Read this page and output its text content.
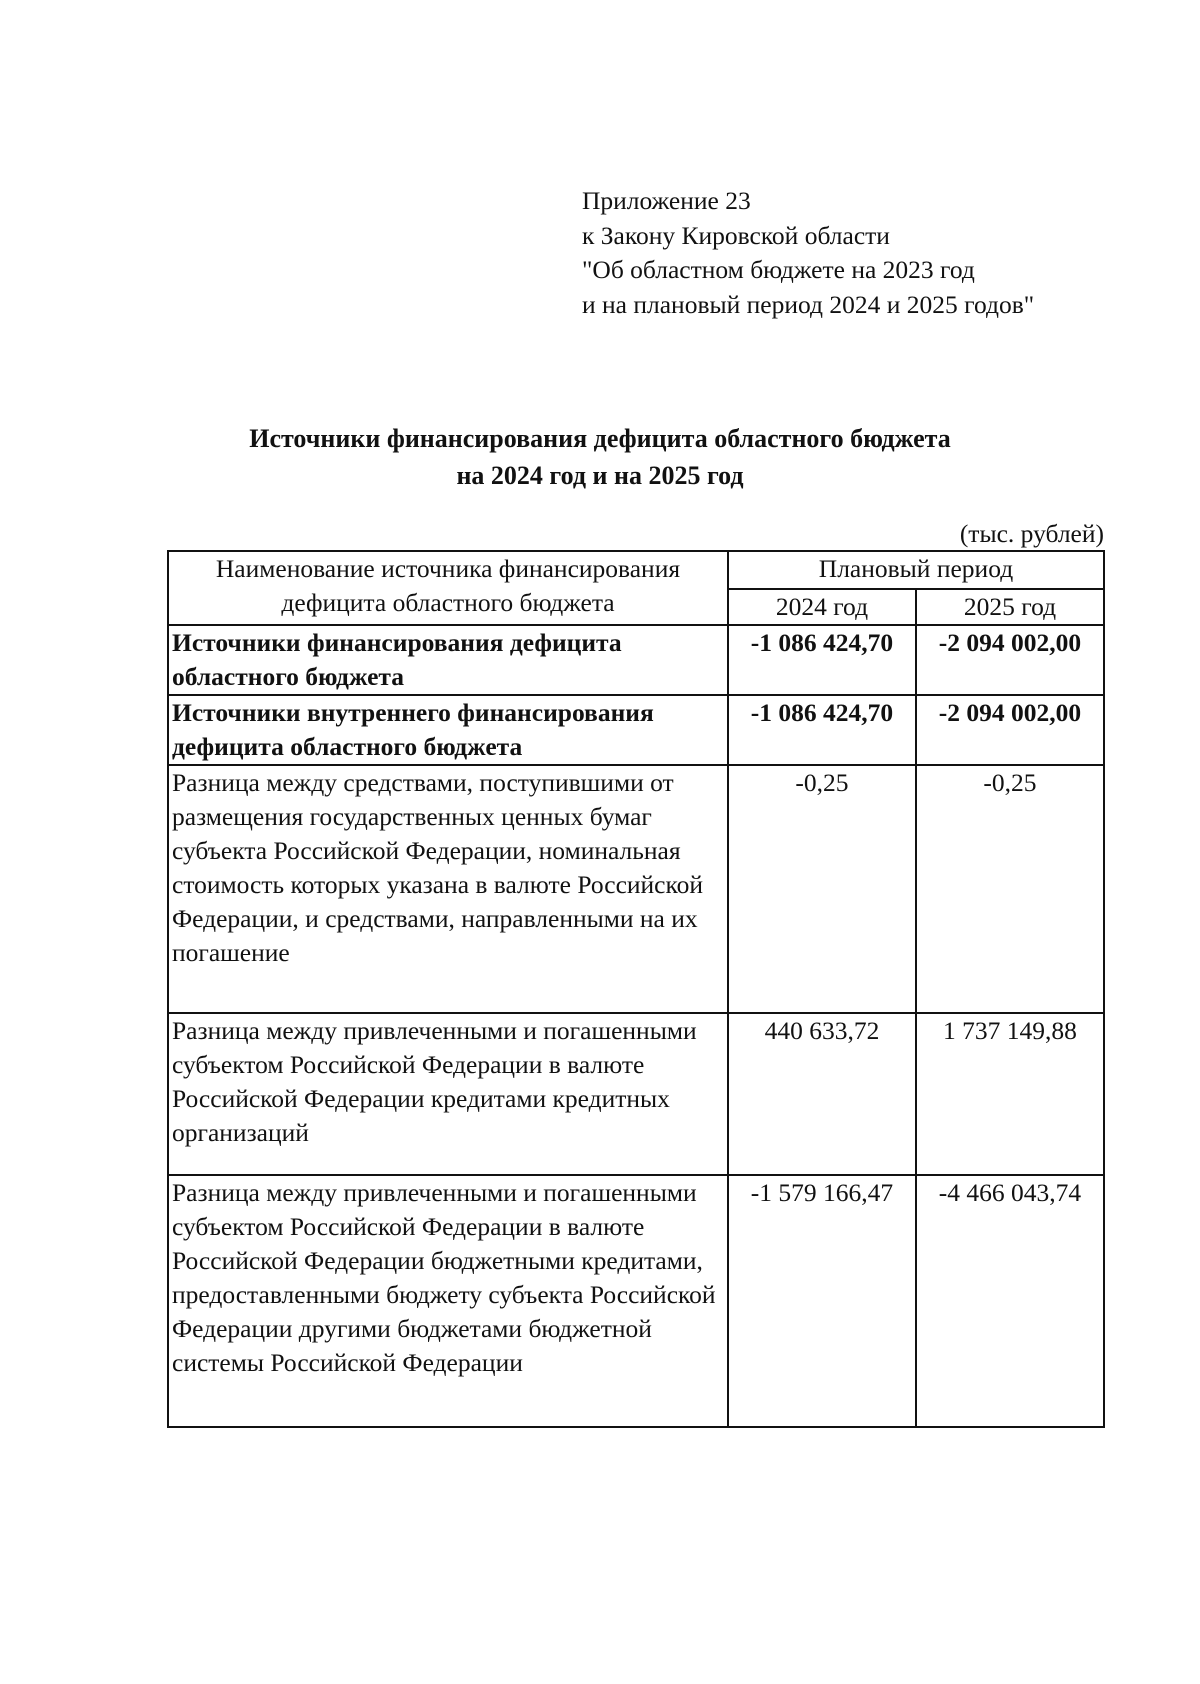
Приложение 23
к Закону Кировской области
"Об областном бюджете на 2023 год
и на плановый период 2024 и 2025 годов"
Источники финансирования дефицита областного бюджета
на 2024 год и на 2025 год
(тыс. рублей)
Наименование источника финансирования дефицита областного бюджета	Плановый период	
	2024 год	2025 год
Источники финансирования дефицита областного бюджета	-1 086 424,70	-2 094 002,00
Источники внутреннего финансирования дефицита областного бюджета	-1 086 424,70	-2 094 002,00
Разница между средствами, поступившими от размещения государственных ценных бумаг субъекта Российской Федерации, номинальная стоимость которых указана в валюте Российской Федерации, и средствами, направленными на их погашение	-0,25	-0,25
Разница между привлеченными и погашенными субъектом Российской Федерации в валюте Российской Федерации кредитами кредитных организаций	440 633,72	1 737 149,88
Разница между привлеченными и погашенными субъектом Российской Федерации в валюте Российской Федерации бюджетными кредитами, предоставленными бюджету субъекта Российской Федерации другими бюджетами бюджетной системы Российской Федерации	-1 579 166,47	-4 466 043,74
